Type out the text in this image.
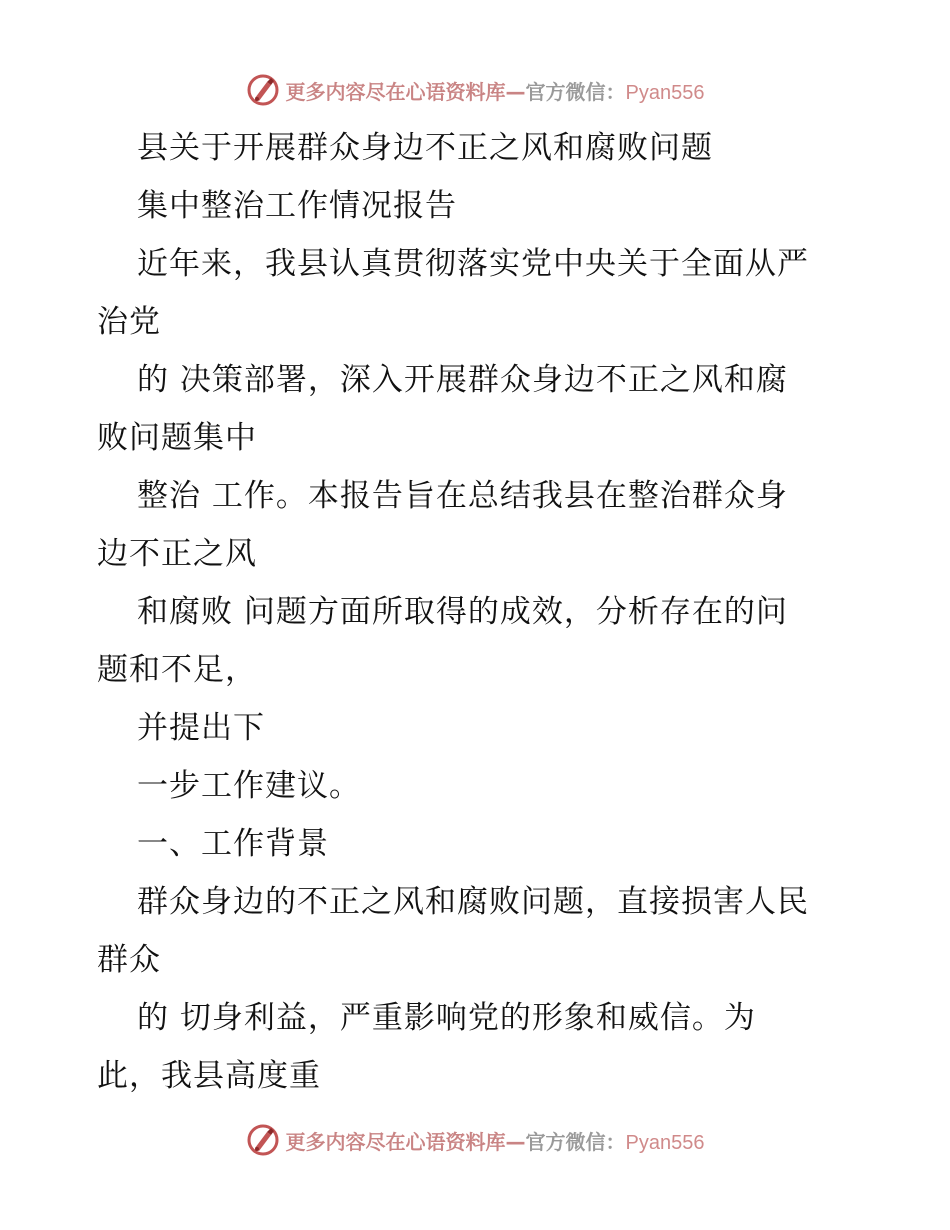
更多内容尽在心语资料库—官方微信：Pyan556
县关于开展群众身边不正之风和腐败问题
集中整治工作情况报告
近年来，我县认真贯彻落实党中央关于全面从严
治党
的 决策部署，深入开展群众身边不正之风和腐
败问题集中
整治 工作。本报告旨在总结我县在整治群众身
边不正之风
和腐败 问题方面所取得的成效，分析存在的问
题和不足，
并提出下
一步工作建议。
一、工作背景
群众身边的不正之风和腐败问题，直接损害人民
群众
的 切身利益，严重影响党的形象和威信。为
此，我县高度重
更多内容尽在心语资料库—官方微信：Pyan556
